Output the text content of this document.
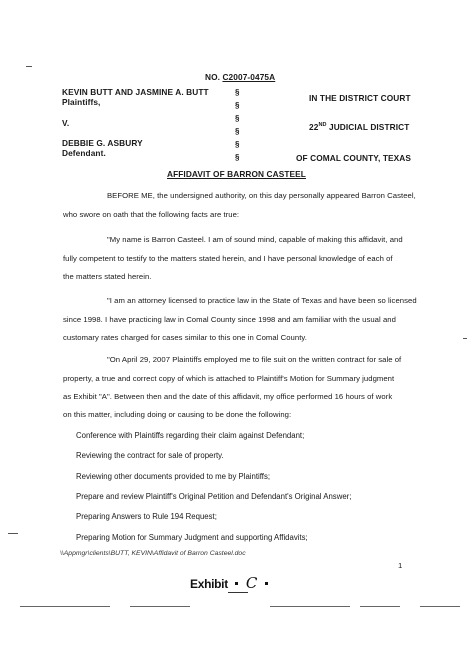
NO. C2007-0475A
KEVIN BUTT AND JASMINE A. BUTT
Plaintiffs,
V.
DEBBIE G. ASBURY
Defendant.
§
§
§
§
§
§
IN THE DISTRICT COURT
22ND JUDICIAL DISTRICT
OF COMAL COUNTY, TEXAS
AFFIDAVIT OF BARRON CASTEEL
BEFORE ME, the undersigned authority, on this day personally appeared Barron Casteel,
who swore on oath that the following facts are true:
"My name is Barron Casteel. I am of sound mind, capable of making this affidavit, and
fully competent to testify to the matters stated herein, and I have personal knowledge of each of
the matters stated herein.
"I am an attorney licensed to practice law in the State of Texas and have been so licensed
since 1998. I have practicing law in Comal County since 1998 and am familiar with the usual and
customary rates charged for cases similar to this one in Comal County.
"On April 29, 2007 Plaintiffs employed me to file suit on the written contract for sale of
property, a true and correct copy of which is attached to Plaintiff's Motion for Summary judgment
as Exhibit "A". Between then and the date of this affidavit, my office performed 16 hours of work
on this matter, including doing or causing to be done the following:
Conference with Plaintiffs regarding their claim against Defendant;
Reviewing the contract for sale of property.
Reviewing other documents provided to me by Plaintiffs;
Prepare and review Plaintiff's Original Petition and Defendant's Original Answer;
Preparing Answers to Rule 194 Request;
Preparing Motion for Summary Judgment and supporting Affidavits;
\\Appmgr\clients\BUTT, KEVIN\Affidavit of Barron Casteel.doc
1
Exhibit C
